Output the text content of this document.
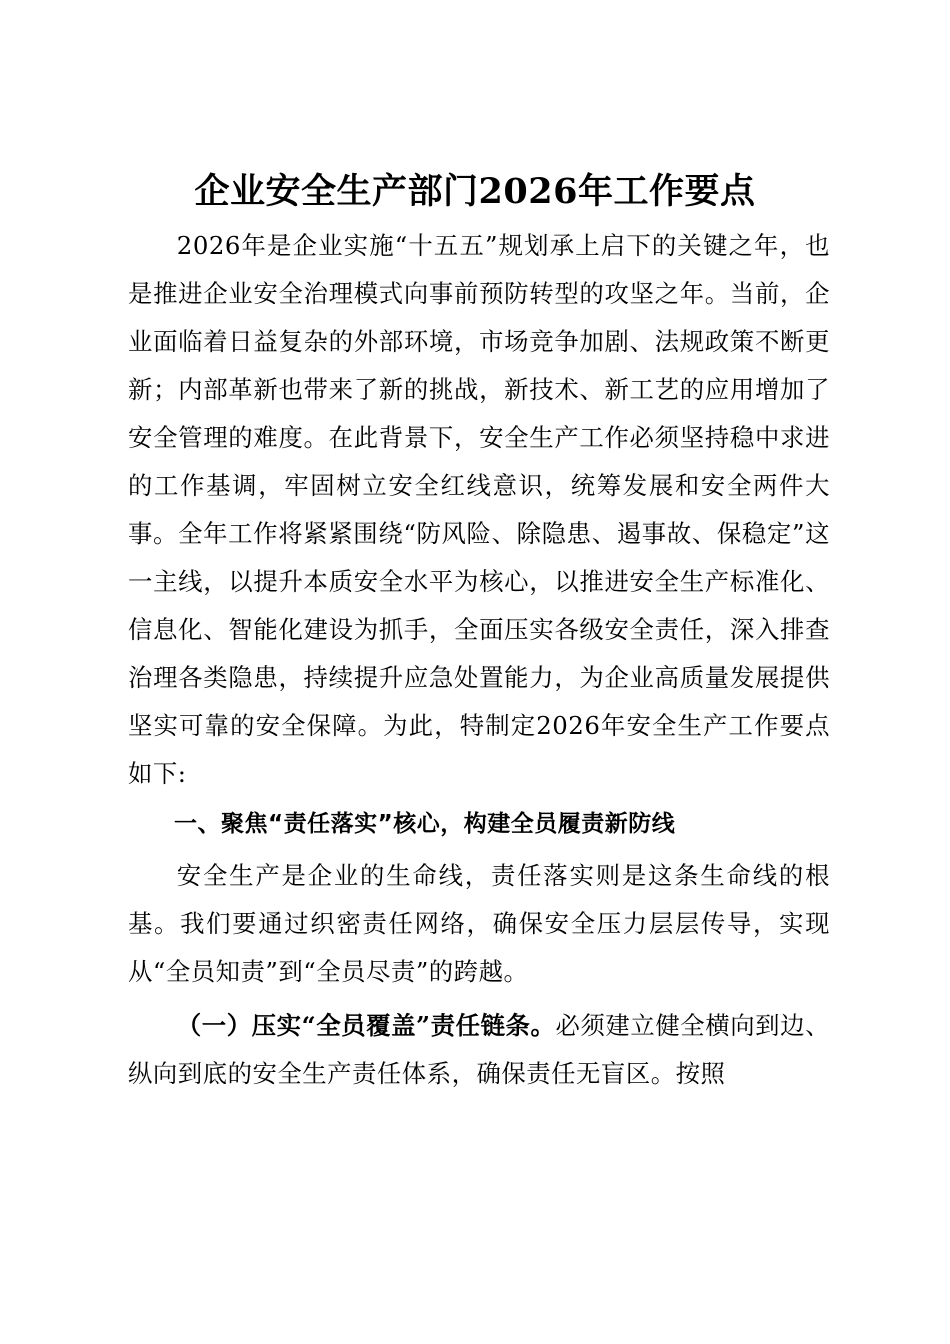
企业安全生产部门2026年工作要点

2026年是企业实施“十五五”规划承上启下的关键之年，也是推进企业安全治理模式向事前预防转型的攻坚之年。当前，企业面临着日益复杂的外部环境，市场竞争加剧、法规政策不断更新；内部革新也带来了新的挑战，新技术、新工艺的应用增加了安全管理的难度。在此背景下，安全生产工作必须坚持稳中求进的工作基调，牢固树立安全红线意识，统筹发展和安全两件大事。全年工作将紧紧围绕“防风险、除隐患、遏事故、保稳定”这一主线，以提升本质安全水平为核心，以推进安全生产标准化、信息化、智能化建设为抓手，全面压实各级安全责任，深入排查治理各类隐患，持续提升应急处置能力，为企业高质量发展提供坚实可靠的安全保障。为此，特制定2026年安全生产工作要点如下:

一、聚焦“责任落实”核心，构建全员履责新防线

安全生产是企业的生命线，责任落实则是这条生命线的根基。我们要通过织密责任网络，确保安全压力层层传导，实现从“全员知责”到“全员尽责”的跨越。

（一）压实“全员覆盖”责任链条。必须建立健全横向到边、纵向到底的安全生产责任体系，确保责任无盲区。按照
